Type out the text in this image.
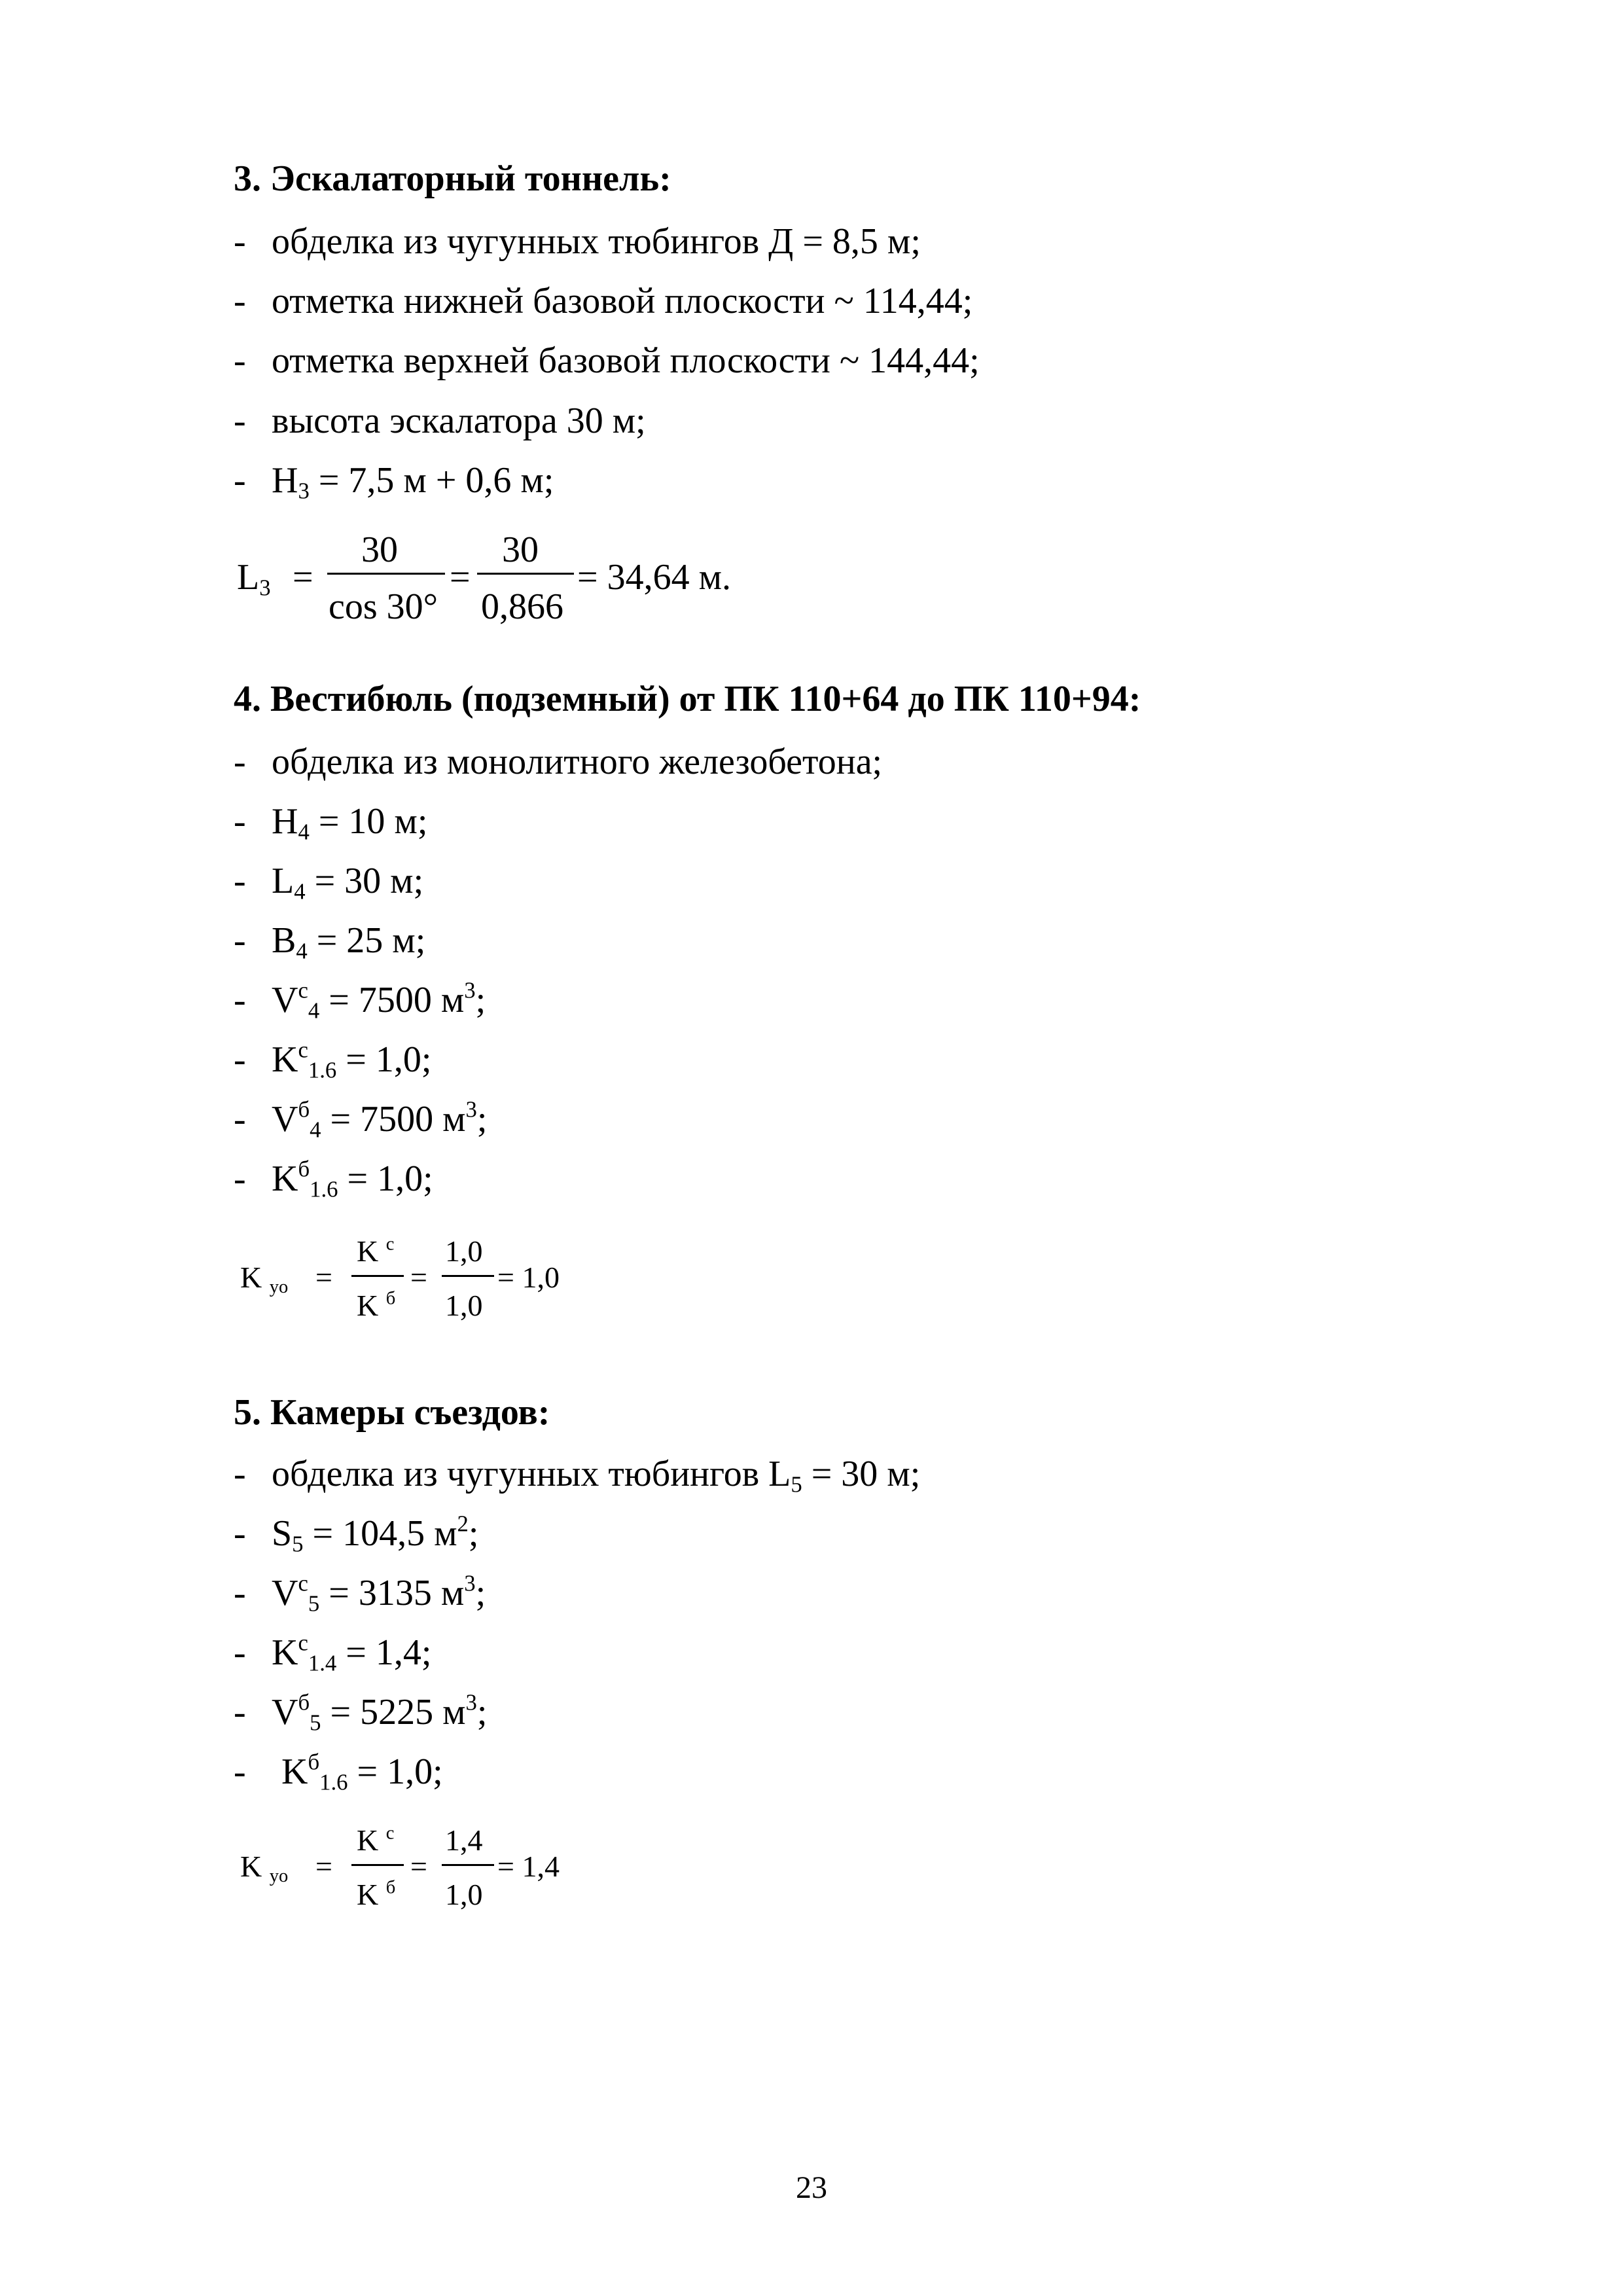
3. Эскалаторный тоннель:
- обделка из чугунных тюбингов Д = 8,5 м;
- отметка нижней базовой плоскости ~ 114,44;
- отметка верхней базовой плоскости ~ 144,44;
- высота эскалатора 30 м;
- $H_3 = 7,5$ м + 0,6 м;
$L_3$ =
30
cos 30°
=
30
0,866
= 34,64 м.
4. Вестибюль (подземный) от ПК 110+64 до ПК 110+94:
- обделка из монолитного железобетона;
- $H_4 = 10$ м;
- $L_4 = 30$ м;
- $B_4 = 25$ м;
- $V^c_4 = 7500$ $м^3$;
- $K^c_{1.6} = 1,0$;
- $V^б_4 = 7500$ $м^3$;
- $K^б_{1.6} = 1,0$;
K $_{yo}$ =
K $^c$
K $^б$
=
1,0
1,0
= 1,0
5. Камеры съездов:
- обделка из чугунных тюбингов $L_5 = 30$ м;
- $S_5 = 104,5$ $м^2$;
- $V^c_5 = 3135$ $м^3$;
- $K^c_{1.4} = 1,4$;
- $V^б_5 = 5225$ $м^3$;
- $K^б_{1.6} = 1,0$;
K $_{yo}$ =
K $^c$
K $^б$
=
1,4
1,0
= 1,4
23
